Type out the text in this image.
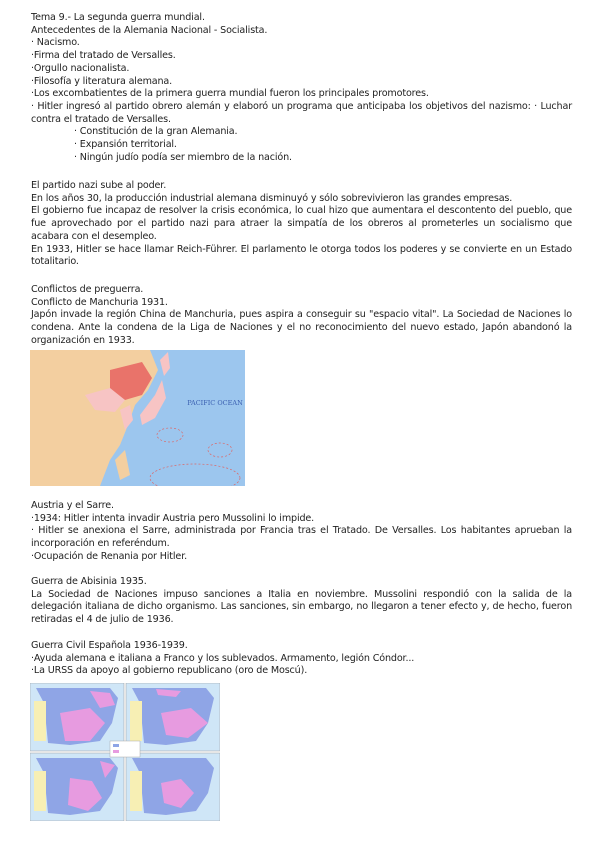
Tema 9.- La segunda guerra mundial.

Antecedentes de la Alemania Nacional - Socialista.

· Nacismo.

·Firma del tratado de Versalles.

·Orgullo nacionalista.

·Filosofía y literatura alemana.

·Los excombatientes de la primera guerra mundial fueron los principales promotores.

· Hitler ingresó al partido obrero alemán y elaboró un programa que anticipaba los objetivos del nazismo: · Luchar contra el tratado de Versalles.

· Constitución de la gran Alemania.

· Expansión territorial.

· Ningún judío podía ser miembro de la nación.

El partido nazi sube al poder.

En los años 30, la producción industrial alemana disminuyó y sólo sobrevivieron las grandes empresas.

El gobierno fue incapaz de resolver la crisis económica, lo cual hizo que aumentara el descontento del pueblo, que fue aprovechado por el partido nazi para atraer la simpatía de los obreros al prometerles un socialismo que acabara con el desempleo.

En 1933, Hitler se hace llamar Reich-Führer. El parlamento le otorga todos los poderes y se convierte en un Estado totalitario.

Conflictos de preguerra.

Conflicto de Manchuria 1931.

Japón invade la región China de Manchuria, pues aspira a conseguir su "espacio vital". La Sociedad de Naciones lo condena. Ante la condena de la Liga de Naciones y el no reconocimiento del nuevo estado, Japón abandonó la organización en 1933.

PACIFIC OCEAN

Austria y el Sarre.

·1934: Hitler intenta invadir Austria pero Mussolini lo impide.

· Hitler se anexiona el Sarre, administrada por Francia tras el Tratado. De Versalles. Los habitantes aprueban la incorporación en referéndum.

·Ocupación de Renania por Hitler.

Guerra de Abisinia 1935.

La Sociedad de Naciones impuso sanciones a Italia en noviembre. Mussolini respondió con la salida de la delegación italiana de dicho organismo. Las sanciones, sin embargo, no llegaron a tener efecto y, de hecho, fueron retiradas el 4 de julio de 1936.

Guerra Civil Española 1936-1939.

·Ayuda alemana e italiana a Franco y los sublevados. Armamento, legión Cóndor...

·La URSS da apoyo al gobierno republicano (oro de Moscú).
